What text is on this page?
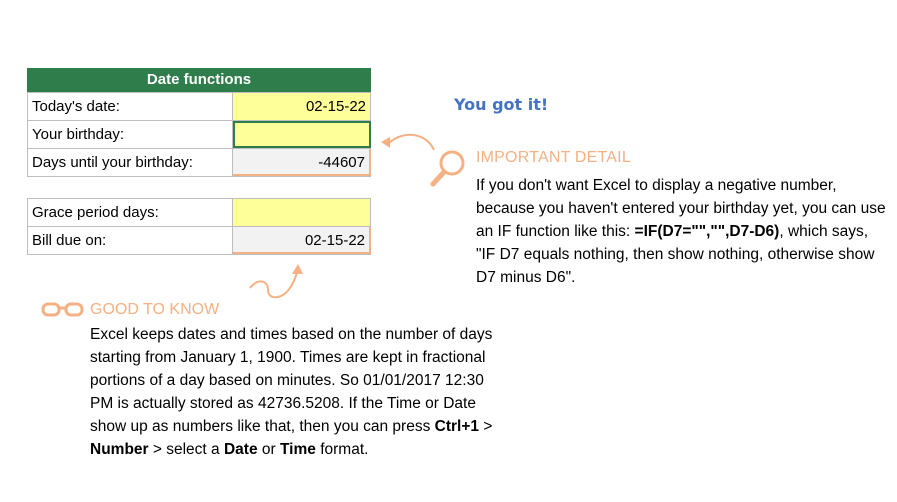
Date functions
Today's date:	02-15-22
Your birthday:
Days until your birthday:	-44607
Grace period days:
Bill due on:	02-15-22
You got it!
IMPORTANT DETAIL
If you don't want Excel to display a negative number, because you haven't entered your birthday yet, you can use an IF function like this: =IF(D7="","",D7-D6), which says, "IF D7 equals nothing, then show nothing, otherwise show D7 minus D6".
GOOD TO KNOW
Excel keeps dates and times based on the number of days starting from January 1, 1900. Times are kept in fractional portions of a day based on minutes. So 01/01/2017 12:30 PM is actually stored as 42736.5208. If the Time or Date show up as numbers like that, then you can press Ctrl+1 > Number > select a Date or Time format.
